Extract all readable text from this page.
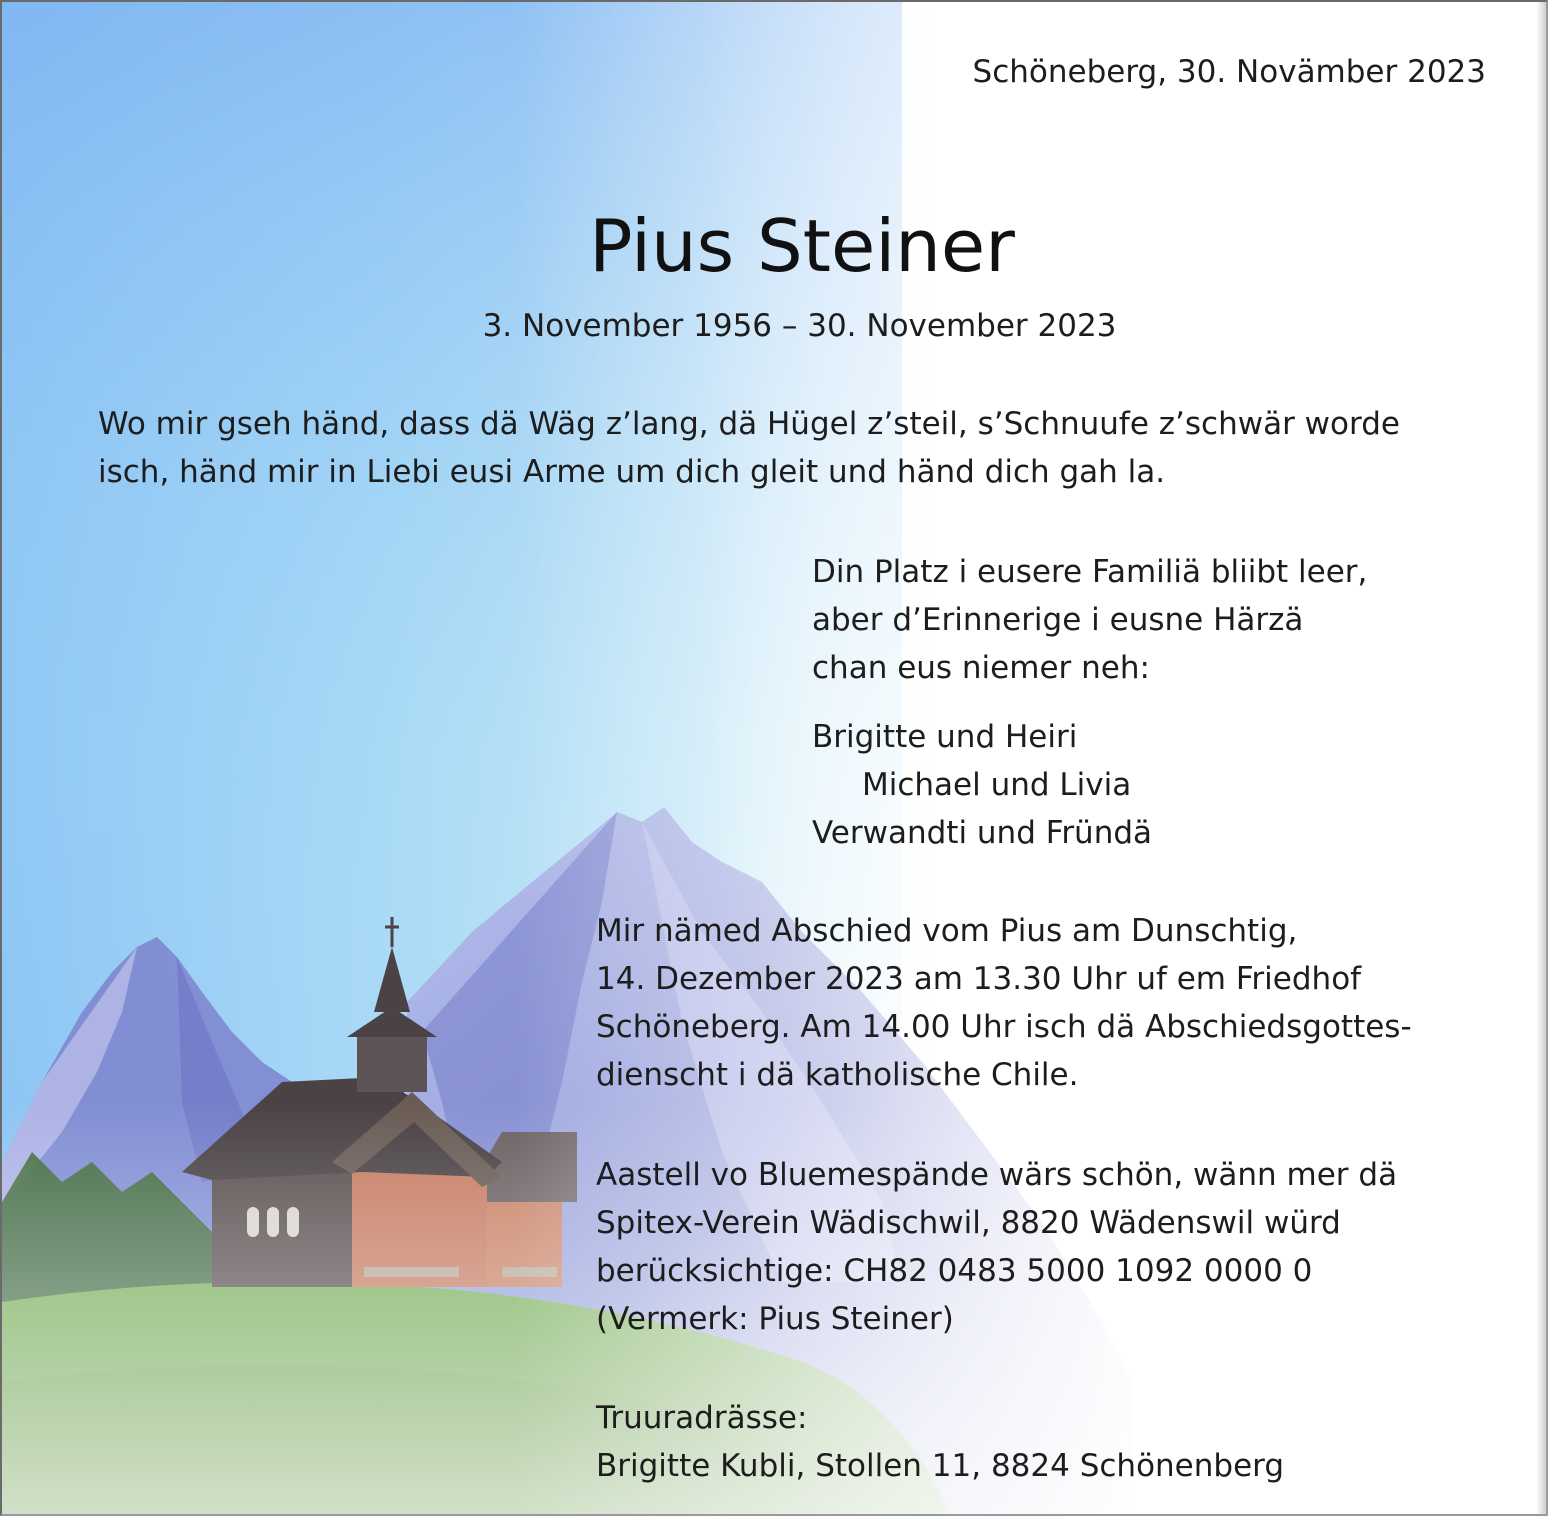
Schöneberg, 30. Novämber 2023

Pius Steiner

3. November 1956 – 30. November 2023

Wo mir gseh händ, dass dä Wäg z’lang, dä Hügel z’steil, s’Schnuufe z’schwär worde
isch, händ mir in Liebi eusi Arme um dich gleit und händ dich gah la.
Din Platz i eusere Familiä bliibt leer,
aber d’Erinnerige i eusne Härzä
chan eus niemer neh:
Brigitte und Heiri
Michael und Livia
Verwandti und Fründä
Mir nämed Abschied vom Pius am Dunschtig,
14. Dezember 2023 am 13.30 Uhr uf em Friedhof
Schöneberg. Am 14.00 Uhr isch dä Abschiedsgottes-
dienscht i dä katholische Chile.
Aastell vo Bluemespände wärs schön, wänn mer dä
Spitex-Verein Wädischwil, 8820 Wädenswil würd
berücksichtige: CH82 0483 5000 1092 0000 0
(Vermerk: Pius Steiner)
Truuradrässe:
Brigitte Kubli, Stollen 11, 8824 Schönenberg
